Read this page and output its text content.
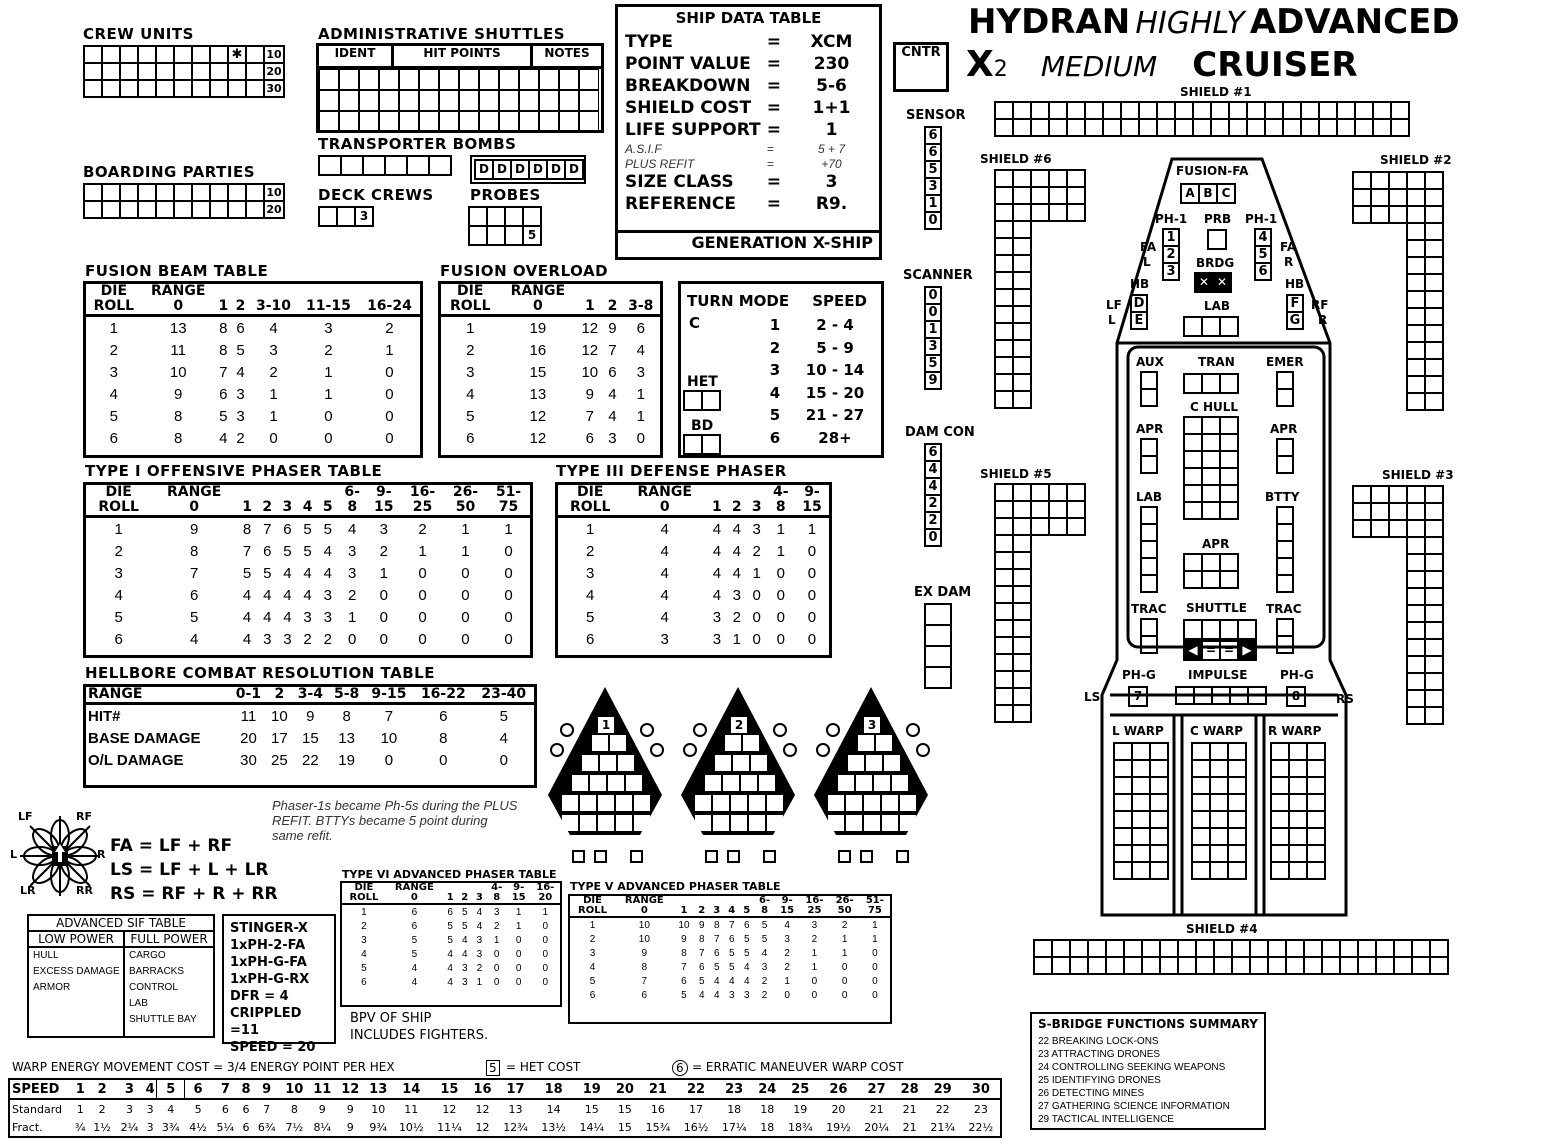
HYDRAN HIGHLY ADVANCED
X2 MEDIUM CRUISER
CREW UNITS
✱	10
20
30
ADMINISTRATIVE SHUTTLES
IDENT	HIT POINTS	NOTES
TRANSPORTER BOMBS
D D D D D D
BOARDING PARTIES
10
20
DECK CREWS
3
PROBES
5
SHIP DATA TABLE
TYPE	=	XCM
POINT VALUE	=	230
BREAKDOWN	=	5-6
SHIELD COST	=	1+1
LIFE SUPPORT	=	1
A.S.I.F	=	5 + 7
PLUS REFIT	=	+70
SIZE CLASS	=	3
REFERENCE	=	R9.
GENERATION X-SHIP
CNTR
SENSOR
6
6
5
3
1
0
SCANNER
0
0
1
3
5
9
DAM CON
6
4
4
2
2
0
EX DAM
FUSION BEAM TABLE
DIE	RANGE					
ROLL	0	1	2	3-10	11-15	16-24
1	13	8	6	4	3	2
2	11	8	5	3	2	1
3	10	7	4	2	1	0
4	9	6	3	1	1	0
5	8	5	3	1	0	0
6	8	4	2	0	0	0
FUSION OVERLOAD
DIE	RANGE			
ROLL	0	1	2	3-8
1	19	12	9	6
2	16	12	7	4
3	15	10	6	3
4	13	9	4	1
5	12	7	4	1
6	12	6	3	0
TURN MODE SPEED
C
HET
BD
1	2 - 4
2	5 - 9
3	10 - 14
4	15 - 20
5	21 - 27
6	28+
TYPE I OFFENSIVE PHASER TABLE
DIE	RANGE						6-	9-	16-	26-	51-
ROLL	0	1	2	3	4	5	8	15	25	50	75
1	9	8	7	6	5	5	4	3	2	1	1
2	8	7	6	5	5	4	3	2	1	1	0
3	7	5	5	4	4	4	3	1	0	0	0
4	6	4	4	4	4	3	2	0	0	0	0
5	5	4	4	4	3	3	1	0	0	0	0
6	4	4	3	3	2	2	0	0	0	0	0
TYPE III DEFENSE PHASER
DIE	RANGE				4-	9-
ROLL	0	1	2	3	8	15
1	4	4	4	3	1	1
2	4	4	4	2	1	0
3	4	4	4	1	0	0
4	4	4	3	0	0	0
5	4	3	2	0	0	0
6	3	3	1	0	0	0
HELLBORE COMBAT RESOLUTION TABLE
RANGE	0-1	2	3-4	5-8	9-15	16-22	23-40
HIT#	11	10	9	8	7	6	5
BASE DAMAGE	20	17	15	13	10	8	4
O/L DAMAGE	30	25	22	19	0	0	0
Phaser-1s became Ph-5s during the PLUS REFIT. BTTYs became 5 point during same refit.
LF	RF
L	R
LR	RR
FA = LF + RF
LS = LF + L + LR
RS = RF + R + RR
1	2	3
ADVANCED SIF TABLE
LOW POWER
HULL
EXCESS DAMAGE
ARMOR
FULL POWER
CARGO
BARRACKS
CONTROL
LAB
SHUTTLE BAY
STINGER-X
1xPH-2-FA
1xPH-G-FA
1xPH-G-RX
DFR = 4
CRIPPLED =11
SPEED = 20
BPV OF SHIP
INCLUDES FIGHTERS.
TYPE VI ADVANCED PHASER TABLE
DIE	RANGE				4-	9-	16-
ROLL	0	1	2	3	8	15	20
1	6	6	5	4	3	1	1
2	6	5	5	4	2	1	0
3	5	5	4	3	1	0	0
4	5	4	4	3	0	0	0
5	4	4	3	2	0	0	0
6	4	4	3	1	0	0	0
TYPE V ADVANCED PHASER TABLE
DIE	RANGE						6-	9-	16-	26-	51-
ROLL	0	1	2	3	4	5	8	15	25	50	75
1	10	10	9	8	7	6	5	4	3	2	1
2	10	9	8	7	6	5	5	3	2	1	1
3	9	8	7	6	5	5	4	2	1	1	0
4	8	7	6	5	5	4	3	2	1	0	0
5	7	6	5	4	4	4	2	1	0	0	0
6	6	5	4	4	3	3	2	0	0	0	0
S-BRIDGE FUNCTIONS SUMMARY
22 BREAKING LOCK-ONS
23 ATTRACTING DRONES
24 CONTROLLING SEEKING WEAPONS
25 IDENTIFYING DRONES
26 DETECTING MINES
27 GATHERING SCIENCE INFORMATION
29 TACTICAL INTELLIGENCE
WARP ENERGY MOVEMENT COST = 3/4 ENERGY POINT PER HEX	5 = HET COST	6 = ERRATIC MANEUVER WARP COST
SPEED	1	2	3	4	5	6	7	8	9	10	11	12	13	14	15	16	17	18	19	20	21	22	23	24	25	26	27	28	29	30
Standard	1	2	3	3	4	5	6	6	7	8	9	9	10	11	12	12	13	14	15	15	16	17	18	18	19	20	21	21	22	23
Fract.	¾	1½	2¼	3	3¾	4½	5¼	6	6¾	7½	8¼	9	9¾	10½	11¼	12	12¾	13½	14¼	15	15¾	16½	17¼	18	18¾	19½	20¼	21	21¾	22½
SHIELD #1
SHIELD #6	SHIELD #2
SHIELD #5	SHIELD #3
SHIELD #4
FUSION-FA
A B C
PH-1 PRB PH-1
FA
L
FA
R
1
2
3
4
5
6
BRDG
✕ ✕
HB	HB
LF
L
RF
R
D
E
F
G
LAB
AUX	TRAN	EMER
C HULL
APR	APR
LAB	BTTY
APR
TRAC	TRAC
SHUTTLE
◀ = = ▶
PH-G
7
PH-G
8
IMPULSE
LS	RS
L WARP C WARP R WARP
